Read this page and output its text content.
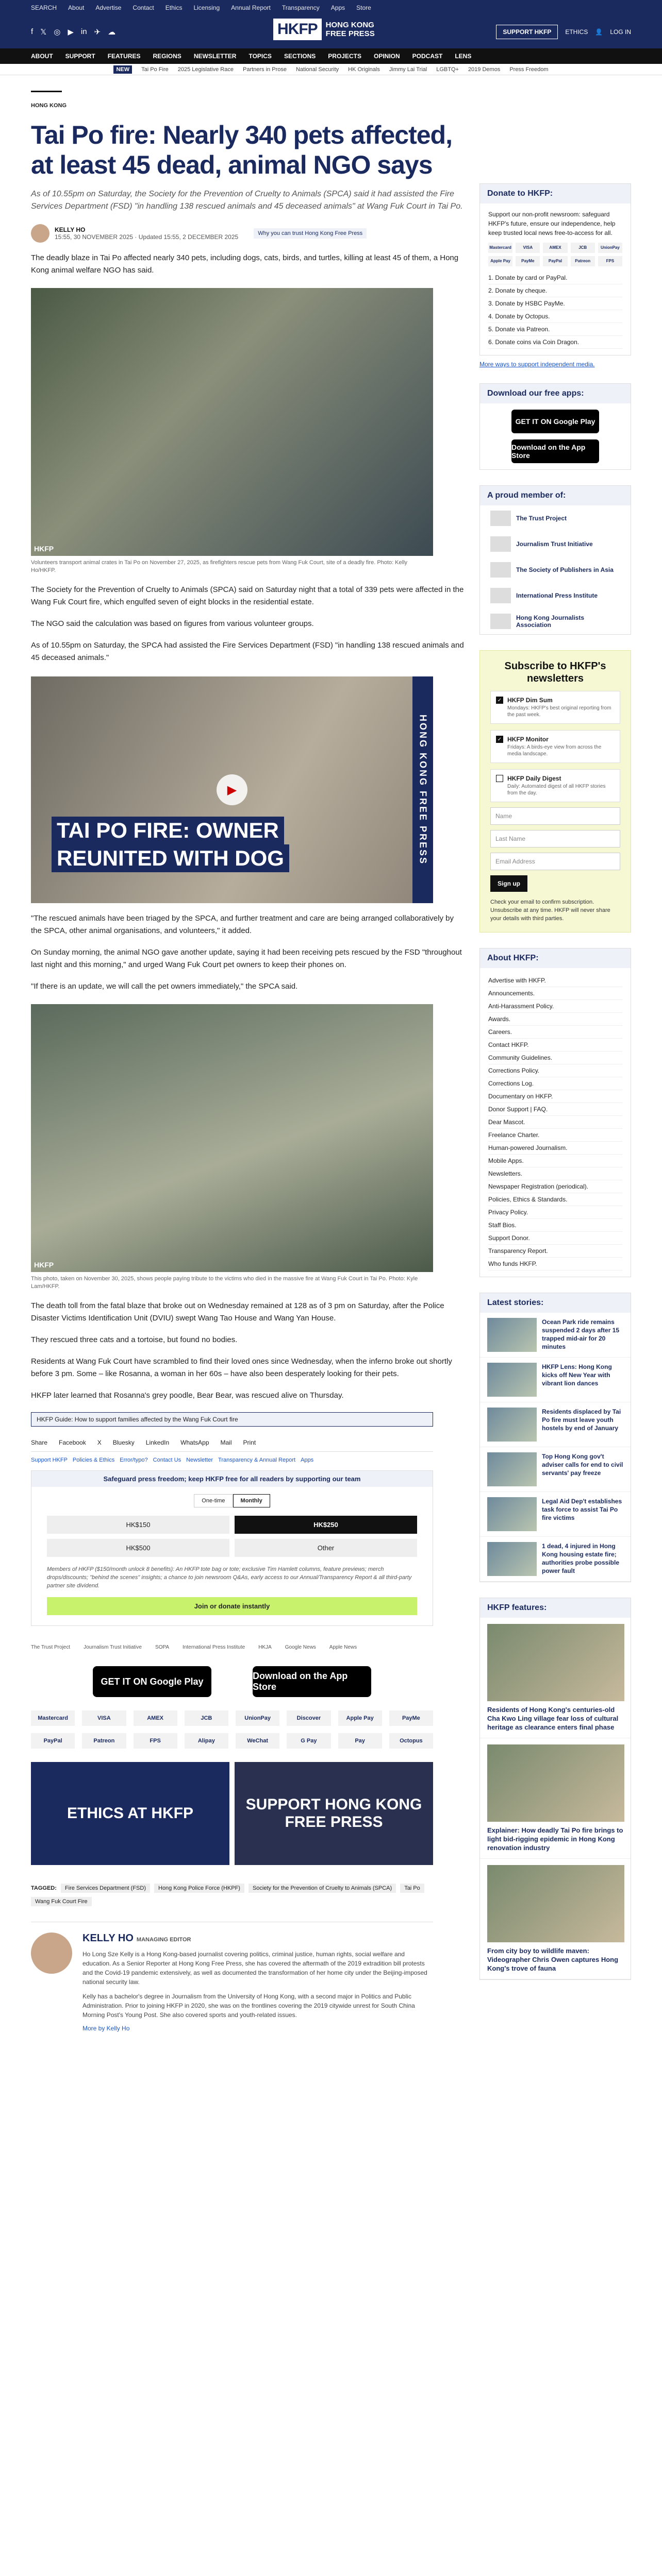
SEARCH About Advertise Contact Ethics Licensing Annual Report Transparency Apps Store
f 𝕏 ◎ ▶ in ✈ ☁	HKFP	HONG KONG
FREE PRESS	SUPPORT HKFP	ETHICS 👤 LOG IN
ABOUT SUPPORT FEATURES REGIONS NEWSLETTER TOPICS SECTIONS PROJECTS OPINION PODCAST LENS
NEW	Tai Po Fire 2025 Legislative Race Partners in Prose National Security HK Originals Jimmy Lai Trial LGBTQ+ 2019 Demos Press Freedom
HONG KONG
Tai Po fire: Nearly 340 pets affected, at least 45 dead, animal NGO says
As of 10.55pm on Saturday, the Society for the Prevention of Cruelty to Animals (SPCA) said it had assisted the Fire Services Department (FSD) "in handling 138 rescued animals and 45 deceased animals" at Wang Fuk Court in Tai Po.
KELLY HO
15:55, 30 NOVEMBER 2025 · Updated 15:55, 2 DECEMBER 2025	Why you can trust Hong Kong Free Press

The deadly blaze in Tai Po affected nearly 340 pets, including dogs, cats, birds, and turtles, killing at least 45 of them, a Hong Kong animal welfare NGO has said.

HKFP
Volunteers transport animal crates in Tai Po on November 27, 2025, as firefighters rescue pets from Wang Fuk Court, site of a deadly fire. Photo: Kelly Ho/HKFP.

The Society for the Prevention of Cruelty to Animals (SPCA) said on Saturday night that a total of 339 pets were affected in the Wang Fuk Court fire, which engulfed seven of eight blocks in the residential estate.

The NGO said the calculation was based on figures from various volunteer groups.

As of 10.55pm on Saturday, the SPCA had assisted the Fire Services Department (FSD) "in handling 138 rescued animals and 45 deceased animals."

▶
TAI PO FIRE: OWNER
REUNITED WITH DOG	HONG KONG FREE PRESS

"The rescued animals have been triaged by the SPCA, and further treatment and care are being arranged collaboratively by the SPCA, other animal organisations, and volunteers," it added.

On Sunday morning, the animal NGO gave another update, saying it had been receiving pets rescued by the FSD "throughout last night and this morning," and urged Wang Fuk Court pet owners to keep their phones on.

"If there is an update, we will call the pet owners immediately," the SPCA said.

HKFP
This photo, taken on November 30, 2025, shows people paying tribute to the victims who died in the massive fire at Wang Fuk Court in Tai Po. Photo: Kyle Lam/HKFP.

The death toll from the fatal blaze that broke out on Wednesday remained at 128 as of 3 pm on Saturday, after the Police Disaster Victims Identification Unit (DVIU) swept Wang Tao House and Wang Yan House.

They rescued three cats and a tortoise, but found no bodies.

Residents at Wang Fuk Court have scrambled to find their loved ones since Wednesday, when the inferno broke out shortly before 3 pm. Some – like Rosanna, a woman in her 60s – have also been desperately looking for their pets.

HKFP later learned that Rosanna's grey poodle, Bear Bear, was rescued alive on Thursday.

HKFP Guide: How to support families affected by the Wang Fuk Court fire
Share Facebook X Bluesky LinkedIn WhatsApp Mail Print
Support HKFP Policies & Ethics Error/typo? Contact Us Newsletter Transparency & Annual Report Apps
Safeguard press freedom; keep HKFP free for all readers by supporting our team
One-time	Monthly
HK$150	HK$250
HK$500	Other
Members of HKFP ($150/month unlock 8 benefits): An HKFP tote bag or tote; exclusive Tim Hamlett columns, feature previews; merch drops/discounts; "behind the scenes" insights; a chance to join newsroom Q&As, early access to our Annual/Transparency Report & all third-party partner site dividend.
Join or donate instantly
The Trust Project	Journalism Trust Initiative	SOPA	International Press Institute	HKJA	Google News	Apple News
GET IT ON Google Play
Download on the App Store
Mastercard	VISA	AMEX	JCB	UnionPay	Discover	Apple Pay	PayMe
PayPal	Patreon	FPS	Alipay	WeChat	G Pay	Pay	Octopus
ETHICS AT HKFP
SUPPORT HONG KONG FREE PRESS
TAGGED:	Fire Services Department (FSD)	Hong Kong Police Force (HKPF)	Society for the Prevention of Cruelty to Animals (SPCA)	Tai Po
Wang Fuk Court Fire
KELLY HO MANAGING EDITOR

Ho Long Sze Kelly is a Hong Kong-based journalist covering politics, criminal justice, human rights, social welfare and education. As a Senior Reporter at Hong Kong Free Press, she has covered the aftermath of the 2019 extradition bill protests and the Covid-19 pandemic extensively, as well as documented the transformation of her home city under the Beijing-imposed national security law.

Kelly has a bachelor's degree in Journalism from the University of Hong Kong, with a second major in Politics and Public Administration. Prior to joining HKFP in 2020, she was on the frontlines covering the 2019 citywide unrest for South China Morning Post's Young Post. She also covered sports and youth-related issues.

More by Kelly Ho
Donate to HKFP:
Support our non-profit newsroom: safeguard HKFP's future, ensure our independence, help keep trusted local news free-to-access for all.
Mastercard	VISA	AMEX	JCB	UnionPay
Apple Pay	PayMe	PayPal	Patreon	FPS
1. Donate by card or PayPal.
2. Donate by cheque.
3. Donate by HSBC PayMe.
4. Donate by Octopus.
5. Donate via Patreon.
6. Donate coins via Coin Dragon.
More ways to support independent media.
Download our free apps:
GET IT ON Google Play
Download on the App Store
A proud member of:
The Trust Project
Journalism Trust Initiative
The Society of Publishers in Asia
International Press Institute
Hong Kong Journalists Association
Subscribe to HKFP's newsletters
✓ HKFP Dim Sum
Mondays: HKFP's best original reporting from the past week.
✓ HKFP Monitor
Fridays: A birds-eye view from across the media landscape.
HKFP Daily Digest
Daily: Automated digest of all HKFP stories from the day.
Name
Last Name
Email Address
Sign up
Check your email to confirm subscription. Unsubscribe at any time. HKFP will never share your details with third parties.
About HKFP:
Advertise with HKFP.
Announcements.
Anti-Harassment Policy.
Awards.
Careers.
Contact HKFP.
Community Guidelines.
Corrections Policy.
Corrections Log.
Documentary on HKFP.
Donor Support | FAQ.
Dear Mascot.
Freelance Charter.
Human-powered Journalism.
Mobile Apps.
Newsletters.
Newspaper Registration (periodical).
Policies, Ethics & Standards.
Privacy Policy.
Staff Bios.
Support Donor.
Transparency Report.
Who funds HKFP.
Latest stories:
Ocean Park ride remains suspended 2 days after 15 trapped mid-air for 20 minutes
HKFP Lens: Hong Kong kicks off New Year with vibrant lion dances
Residents displaced by Tai Po fire must leave youth hostels by end of January
Top Hong Kong gov't adviser calls for end to civil servants' pay freeze
Legal Aid Dep't establishes task force to assist Tai Po fire victims
1 dead, 4 injured in Hong Kong housing estate fire; authorities probe possible power fault
HKFP features:
Residents of Hong Kong's centuries-old Cha Kwo Ling village fear loss of cultural heritage as clearance enters final phase
Explainer: How deadly Tai Po fire brings to light bid-rigging epidemic in Hong Kong renovation industry
From city boy to wildlife maven: Videographer Chris Owen captures Hong Kong's trove of fauna
